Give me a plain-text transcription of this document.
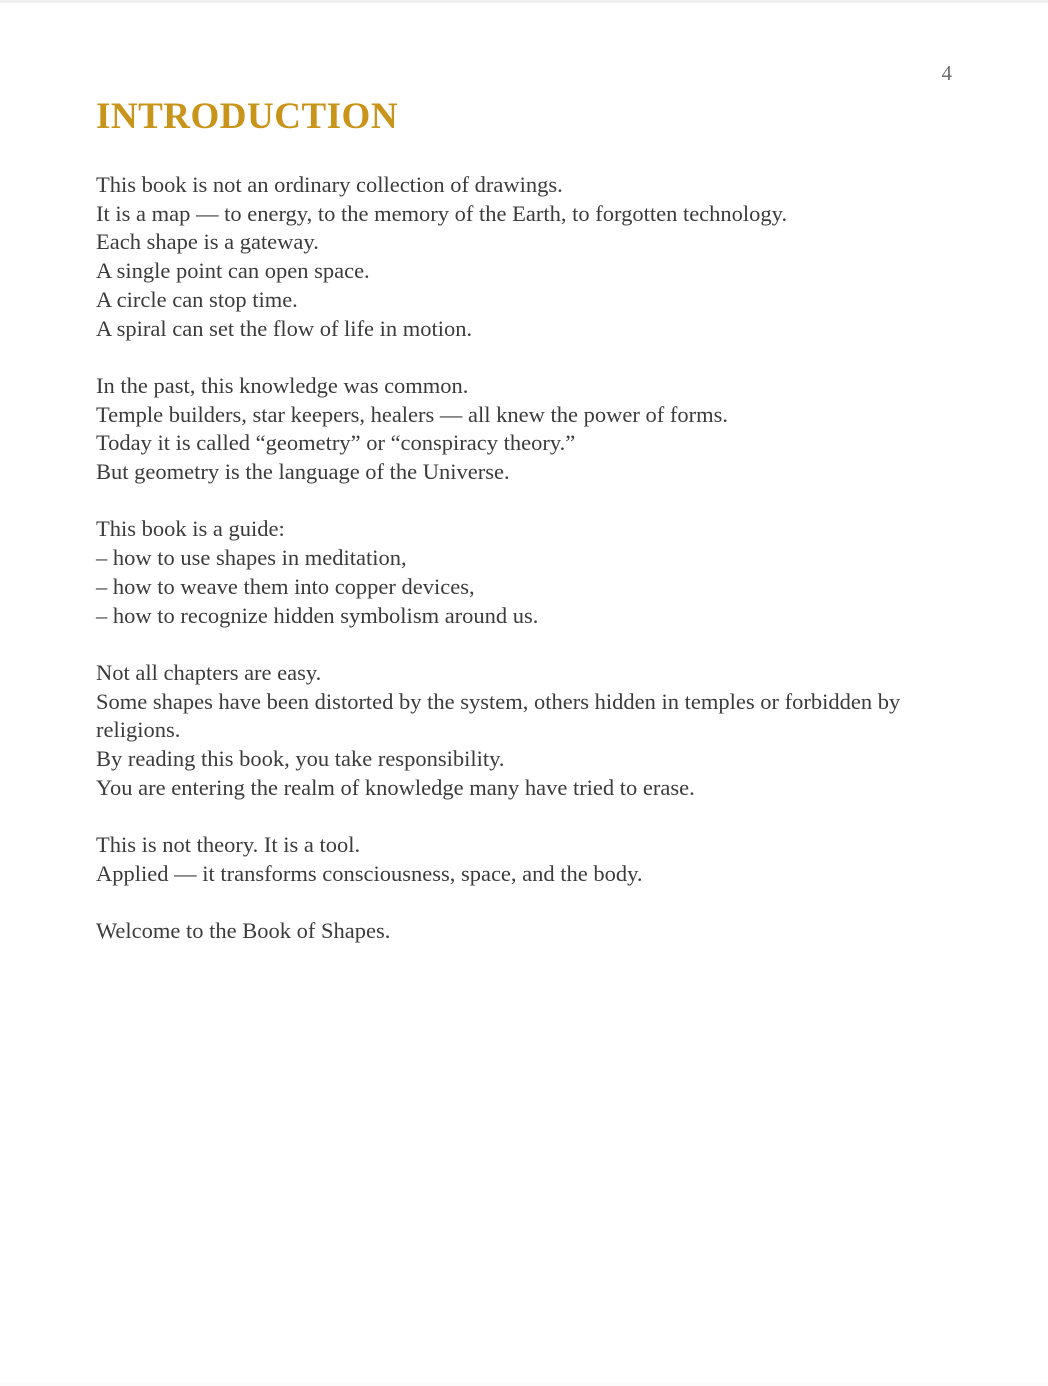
4
INTRODUCTION

This book is not an ordinary collection of drawings.
It is a map — to energy, to the memory of the Earth, to forgotten technology.
Each shape is a gateway.
A single point can open space.
A circle can stop time.
A spiral can set the flow of life in motion.

In the past, this knowledge was common.
Temple builders, star keepers, healers — all knew the power of forms.
Today it is called “geometry” or “conspiracy theory.”
But geometry is the language of the Universe.

This book is a guide:
– how to use shapes in meditation,
– how to weave them into copper devices,
– how to recognize hidden symbolism around us.

Not all chapters are easy.
Some shapes have been distorted by the system, others hidden in temples or forbidden by religions.
By reading this book, you take responsibility.
You are entering the realm of knowledge many have tried to erase.

This is not theory. It is a tool.
Applied — it transforms consciousness, space, and the body.

Welcome to the Book of Shapes.
